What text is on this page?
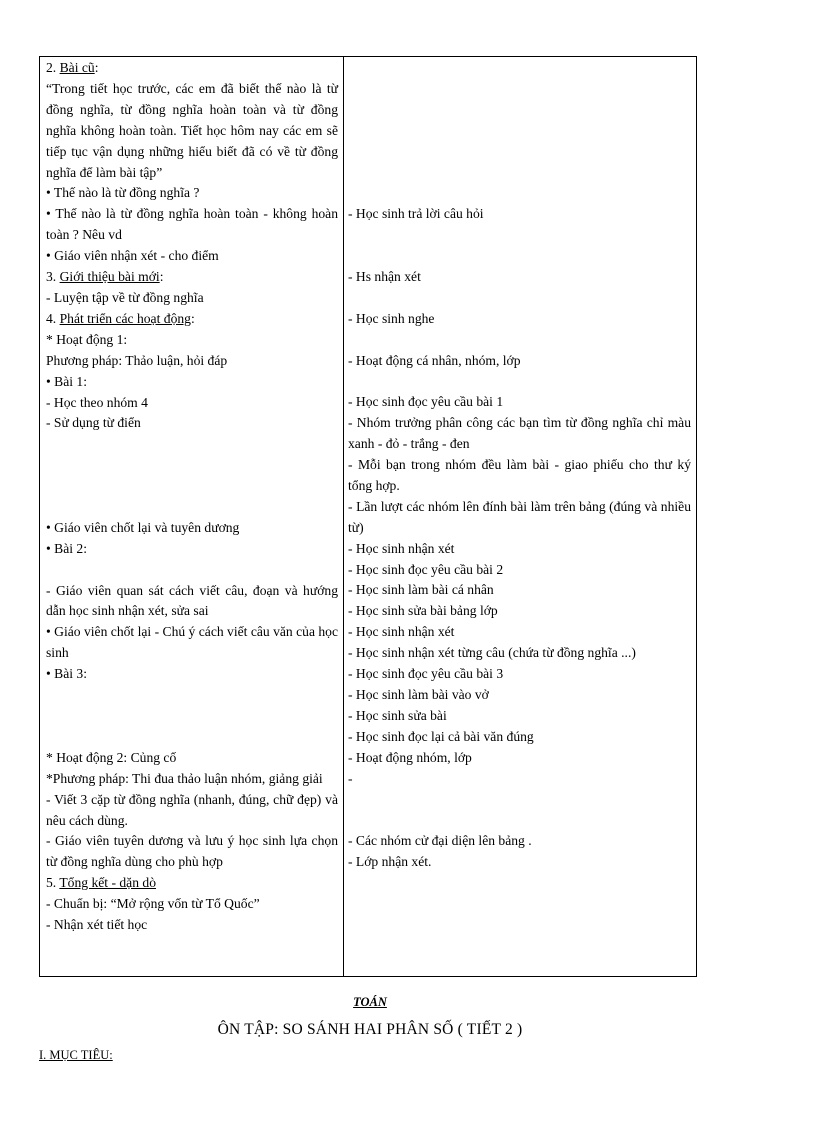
2. Bài cũ:
“Trong tiết học trước, các em đã biết thế nào là từ đồng nghĩa, từ đồng nghĩa hoàn toàn và từ đồng nghĩa không hoàn toàn. Tiết học hôm nay các em sẽ tiếp tục vận dụng những hiểu biết đã có về từ đồng nghĩa để làm bài tập”
• Thế nào là từ đồng nghĩa ?
• Thế nào là từ đồng nghĩa hoàn toàn - không hoàn toàn ? Nêu vd
• Giáo viên nhận xét - cho điểm
3. Giới thiệu bài mới:
- Luyện tập về từ đồng nghĩa
4. Phát triển các hoạt động:
* Hoạt động 1:
Phương pháp: Thảo luận, hỏi đáp
• Bài 1:
- Học theo nhóm 4
- Sử dụng từ điển
• Giáo viên chốt lại và tuyên dương
• Bài 2:
- Giáo viên quan sát cách viết câu, đoạn và hướng dẫn học sinh nhận xét, sửa sai
• Giáo viên chốt lại - Chú ý cách viết câu văn của học sinh
• Bài 3:
* Hoạt động 2: Củng cố
*Phương pháp: Thi đua thảo luận nhóm, giảng giải
- Viết 3 cặp từ đồng nghĩa (nhanh, đúng, chữ đẹp) và nêu cách dùng.
- Giáo viên tuyên dương và lưu ý học sinh lựa chọn từ đồng nghĩa dùng cho phù hợp
5. Tổng kết - dặn dò
- Chuẩn bị: “Mở rộng vốn từ Tổ Quốc”
- Nhận xét tiết học
- Học sinh trả lời câu hỏi
- Hs nhận xét
- Học sinh nghe
- Hoạt động cá nhân, nhóm, lớp
- Học sinh đọc yêu cầu bài 1
- Nhóm trưởng phân công các bạn tìm từ đồng nghĩa chỉ màu xanh - đỏ - trắng - đen
- Mỗi bạn trong nhóm đều làm bài - giao phiếu cho thư ký tổng hợp.
- Lần lượt các nhóm lên đính bài làm trên bảng (đúng và nhiều từ)
- Học sinh nhận xét
- Học sinh đọc yêu cầu bài 2
- Học sinh làm bài cá nhân
- Học sinh sửa bài bảng lớp
- Học sinh nhận xét
- Học sinh nhận xét từng câu (chứa từ đồng nghĩa ...)
- Học sinh đọc yêu cầu bài 3
- Học sinh làm bài vào vở
- Học sinh sửa bài
- Học sinh đọc lại cả bài văn đúng
- Hoạt động nhóm, lớp
-
- Các nhóm cử đại diện lên bảng .
- Lớp nhận xét.
TOÁN
ÔN TẬP: SO SÁNH HAI PHÂN SỐ ( TIẾT 2 )
I. MỤC TIÊU:
